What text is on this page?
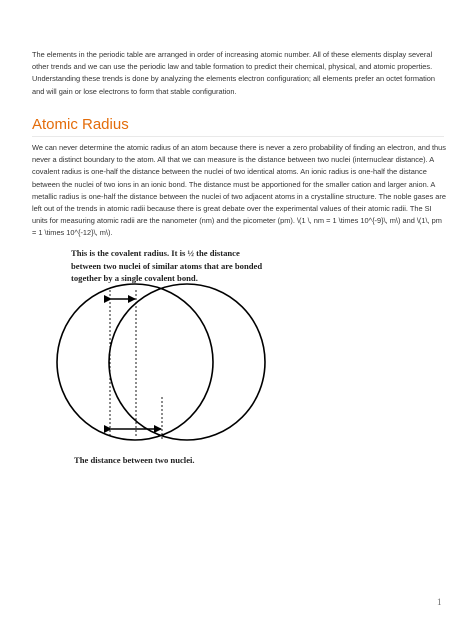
The elements in the periodic table are arranged in order of increasing atomic number. All of these elements display several other trends and we can use the periodic law and table formation to predict their chemical, physical, and atomic properties. Understanding these trends is done by analyzing the elements electron configuration; all elements prefer an octet formation and will gain or lose electrons to form that stable configuration.

Atomic Radius

We can never determine the atomic radius of an atom because there is never a zero probability of finding an electron, and thus never a distinct boundary to the atom. All that we can measure is the distance between two nuclei (internuclear distance). A covalent radius is one-half the distance between the nuclei of two identical atoms. An ionic radius is one-half the distance between the nuclei of two ions in an ionic bond. The distance must be apportioned for the smaller cation and larger anion. A metallic radius is one-half the distance between the nuclei of two adjacent atoms in a crystalline structure. The noble gases are left out of the trends in atomic radii because there is great debate over the experimental values of their atomic radii. The SI units for measuring atomic radii are the nanometer (nm) and the picometer (pm). \(1 \, nm = 1 \times 10^{-9}\, m\) and \(1\, pm = 1 \times 10^{-12}\, m\).

This is the covalent radius. It is ½ the distance between two nuclei of similar atoms that are bonded together by a single covalent bond.

The distance between two nuclei.

1
